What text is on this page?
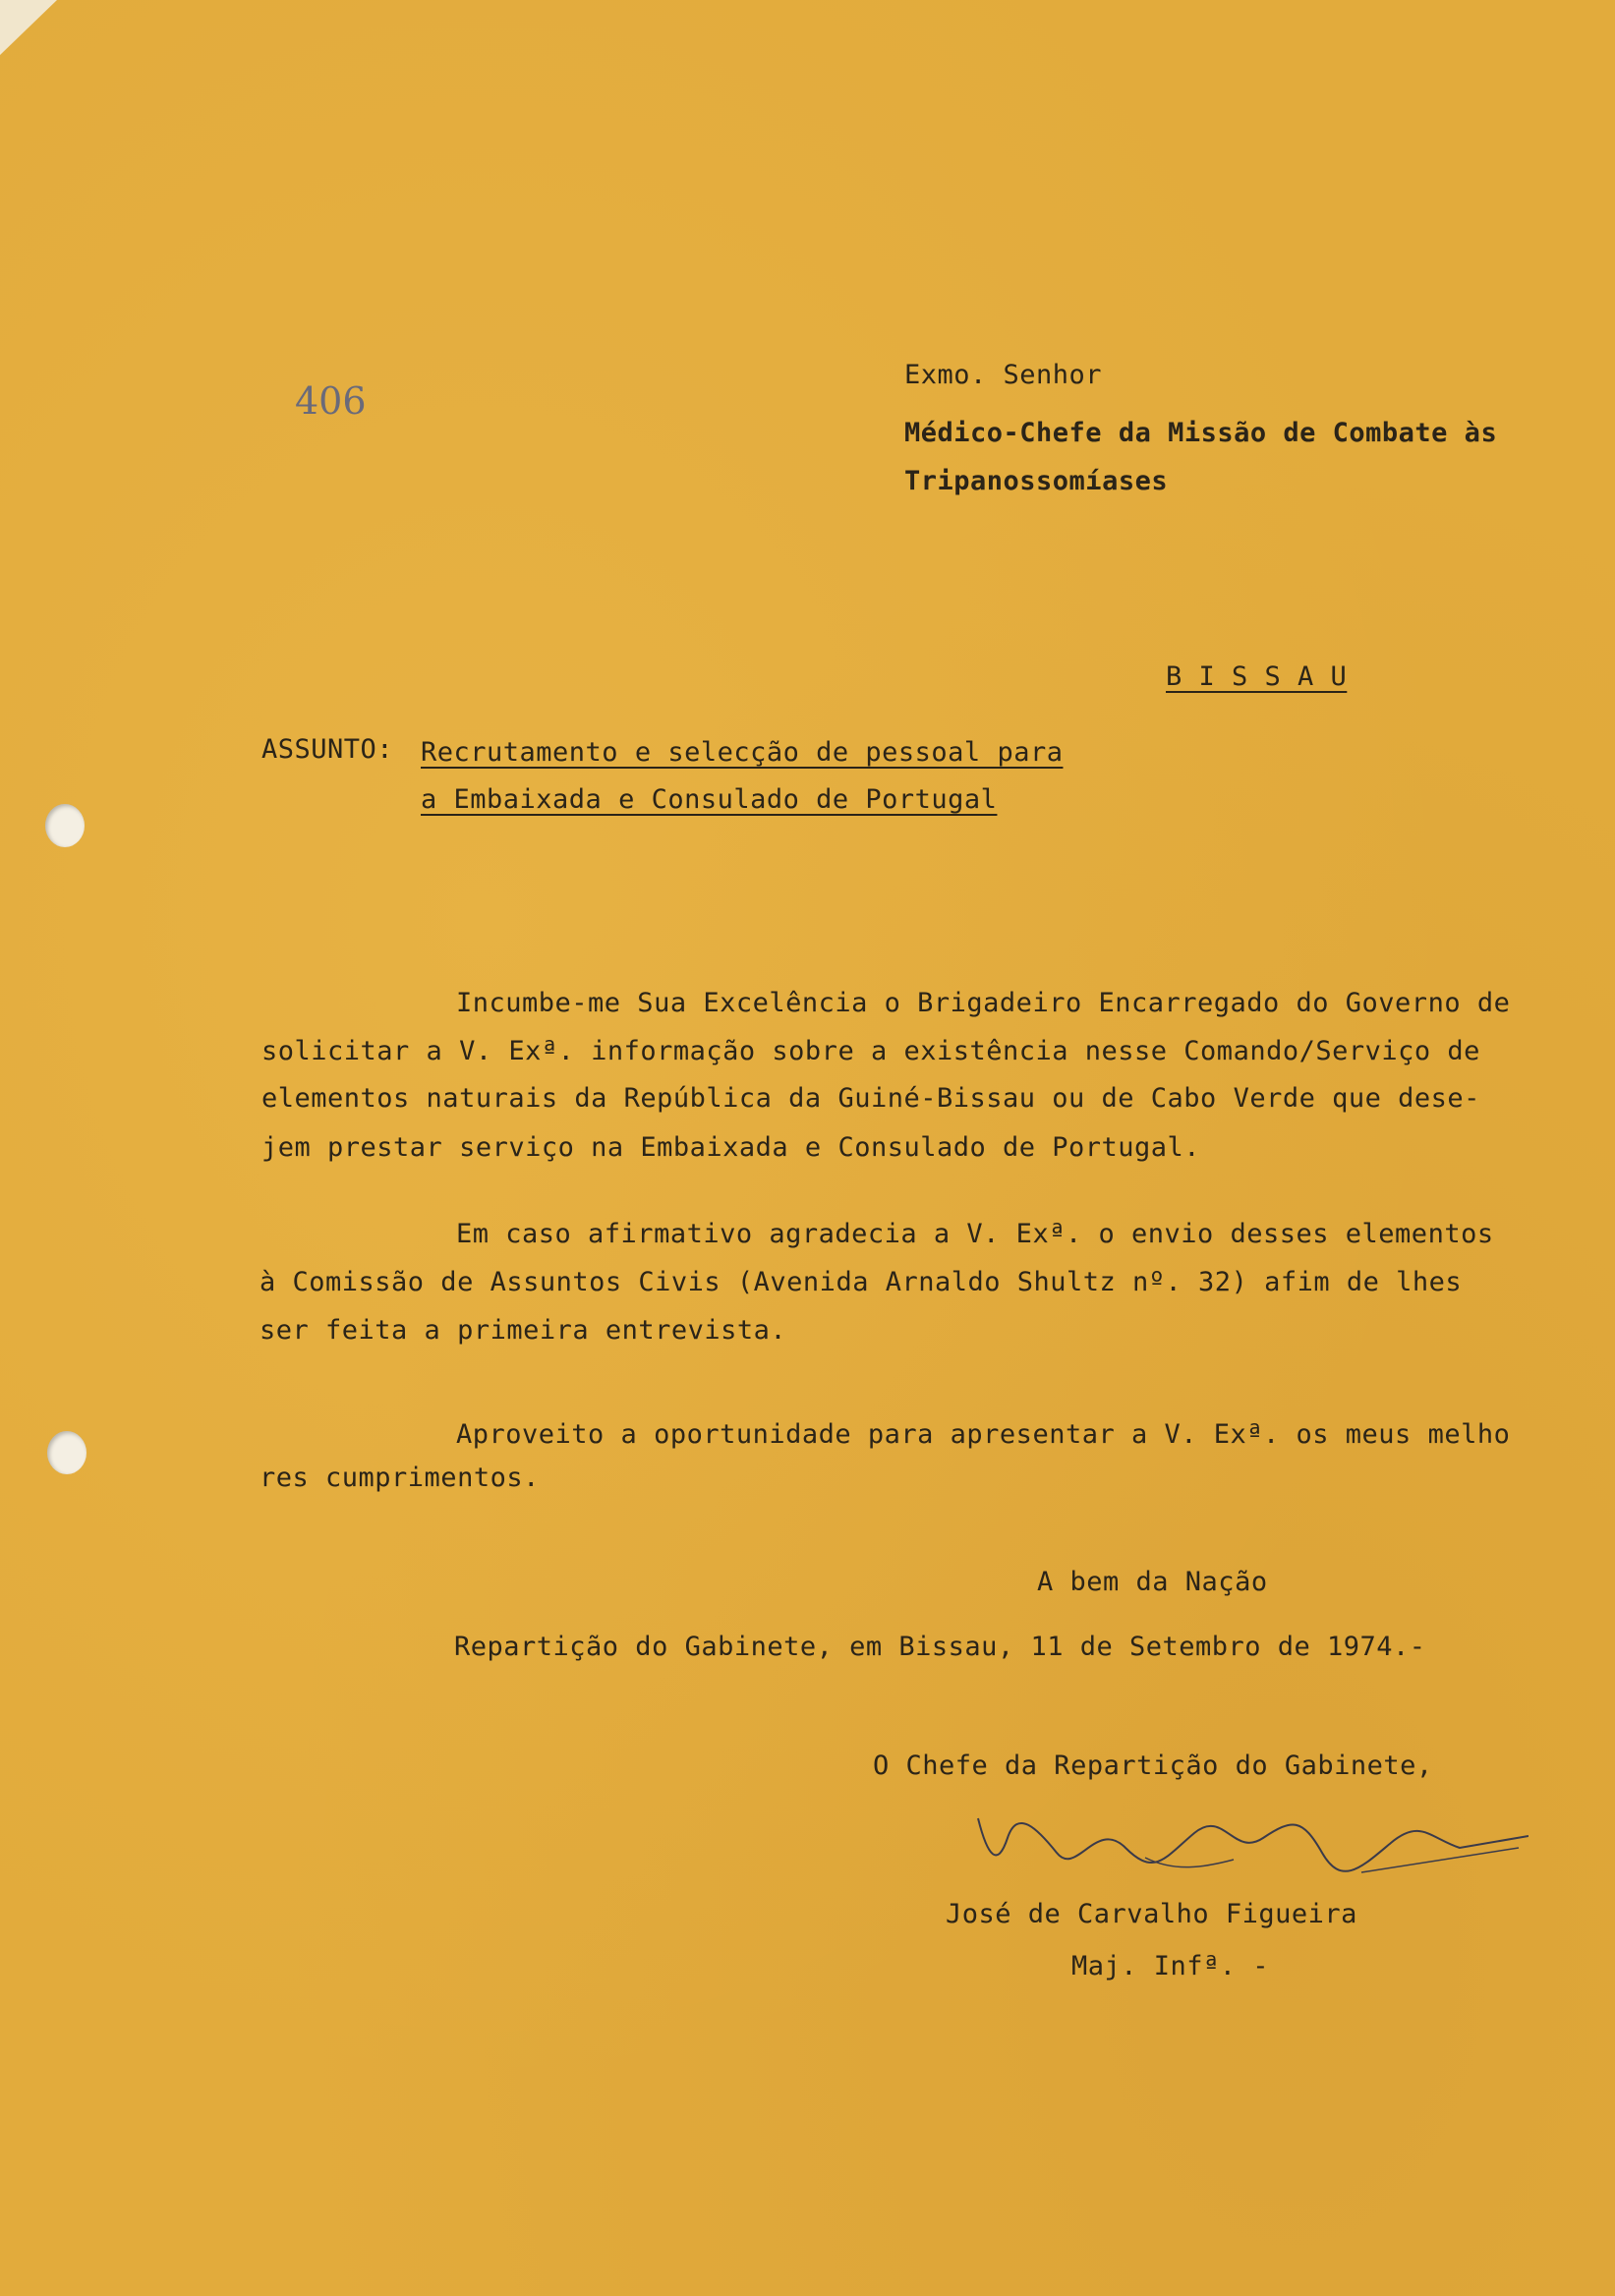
406
Exmo. Senhor
Médico-Chefe da Missão de Combate às
Tripanossomíases
B I S S A U
ASSUNTO: Recrutamento e selecção de pessoal para
a Embaixada e Consulado de Portugal
Incumbe-me Sua Excelência o Brigadeiro Encarregado do Governo de
solicitar a V. Exª. informação sobre a existência nesse Comando/Serviço de
elementos naturais da República da Guiné-Bissau ou de Cabo Verde que dese-
jem prestar serviço na Embaixada e Consulado de Portugal.
Em caso afirmativo agradecia a V. Exª. o envio desses elementos
à Comissão de Assuntos Civis (Avenida Arnaldo Shultz nº. 32) afim de lhes
ser feita a primeira entrevista.
Aproveito a oportunidade para apresentar a V. Exª. os meus melho
res cumprimentos.
A bem da Nação
Repartição do Gabinete, em Bissau, 11 de Setembro de 1974.-
O Chefe da Repartição do Gabinete,
José de Carvalho Figueira
Maj. Infª. -
